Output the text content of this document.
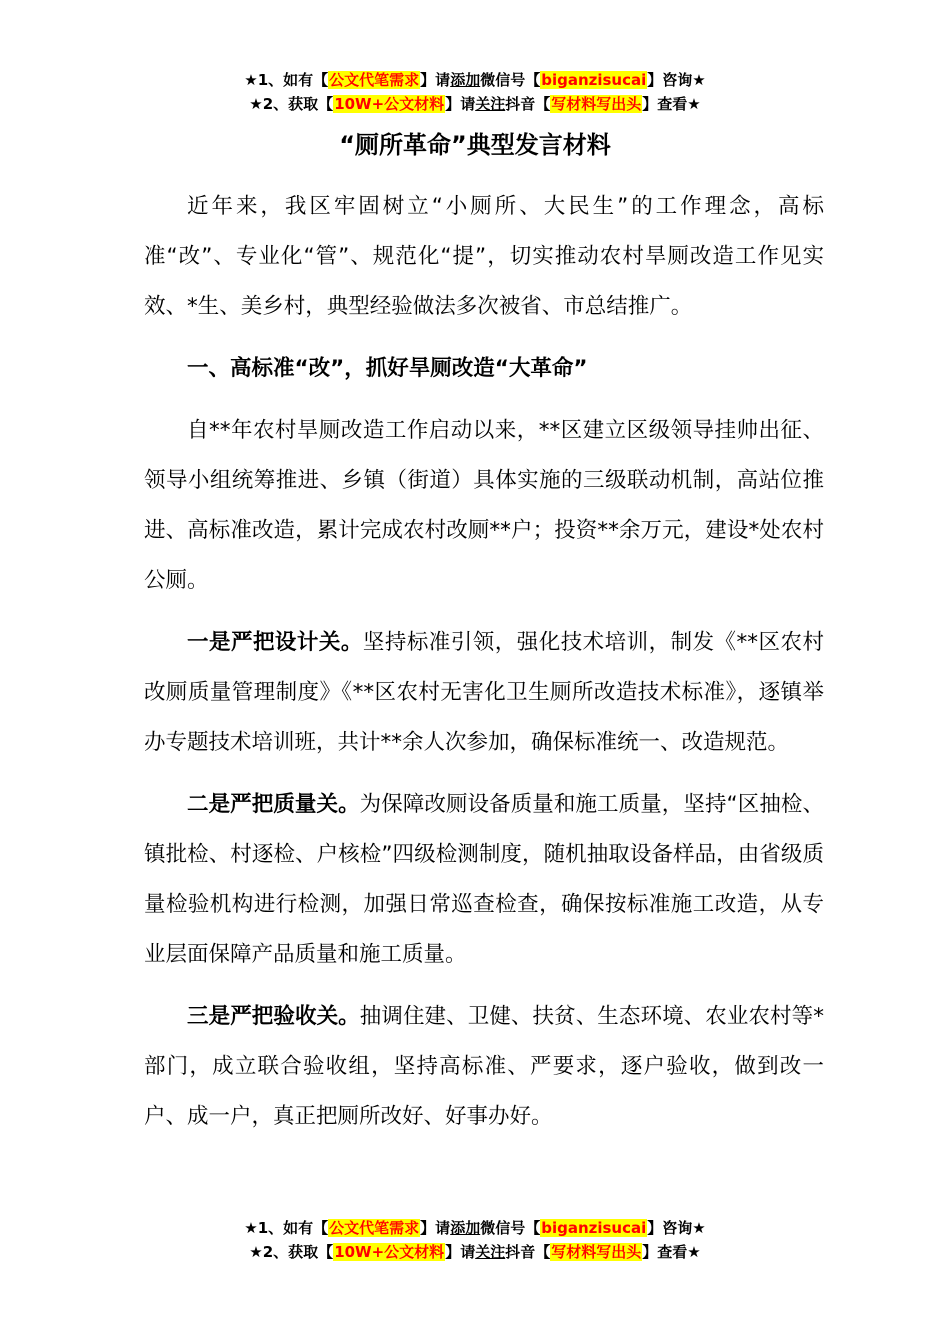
★1、如有【公文代笔需求】请添加微信号【biganzisucai】咨询★
★2、获取【10W+公文材料】请关注抖音【写材料写出头】查看★
“厕所革命”典型发言材料

近年来，我区牢固树立“小厕所、大民生”的工作理念，高标准“改”、专业化“管”、规范化“提”，切实推动农村旱厕改造工作见实效、*生、美乡村，典型经验做法多次被省、市总结推广。

一、高标准“改”，抓好旱厕改造“大革命”

自**年农村旱厕改造工作启动以来，**区建立区级领导挂帅出征、领导小组统筹推进、乡镇（街道）具体实施的三级联动机制，高站位推进、高标准改造，累计完成农村改厕**户；投资**余万元，建设*处农村公厕。

一是严把设计关。坚持标准引领，强化技术培训，制发《**区农村改厕质量管理制度》《**区农村无害化卫生厕所改造技术标准》，逐镇举办专题技术培训班，共计**余人次参加，确保标准统一、改造规范。

二是严把质量关。为保障改厕设备质量和施工质量，坚持“区抽检、镇批检、村逐检、户核检”四级检测制度，随机抽取设备样品，由省级质量检验机构进行检测，加强日常巡查检查，确保按标准施工改造，从专业层面保障产品质量和施工质量。

三是严把验收关。抽调住建、卫健、扶贫、生态环境、农业农村等*部门，成立联合验收组，坚持高标准、严要求，逐户验收，做到改一户、成一户，真正把厕所改好、好事办好。

★1、如有【公文代笔需求】请添加微信号【biganzisucai】咨询★
★2、获取【10W+公文材料】请关注抖音【写材料写出头】查看★
